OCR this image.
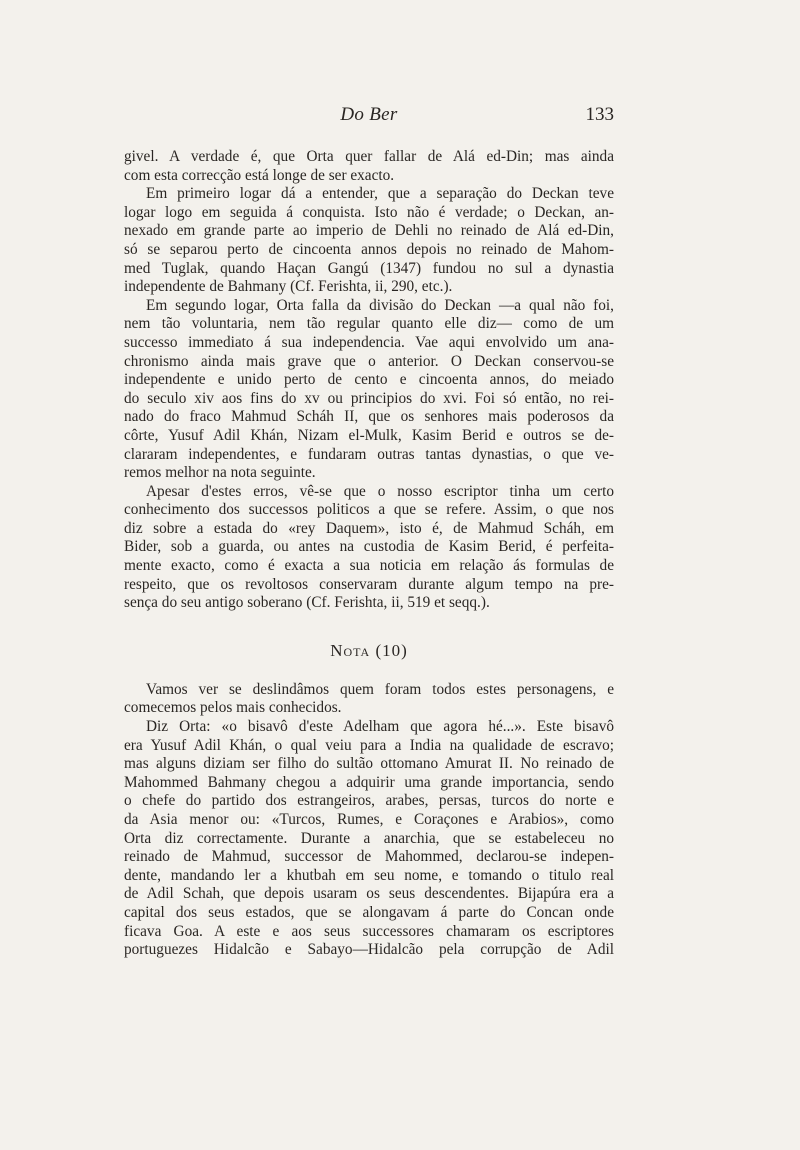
Do Ber	133
givel. A verdade é, que Orta quer fallar de Alá ed-Din; mas ainda
com esta correcção está longe de ser exacto.
Em primeiro logar dá a entender, que a separação do Deckan teve
logar logo em seguida á conquista. Isto não é verdade; o Deckan, an-
nexado em grande parte ao imperio de Dehli no reinado de Alá ed-Din,
só se separou perto de cincoenta annos depois no reinado de Mahom-
med Tuglak, quando Haçan Gangú (1347) fundou no sul a dynastia
independente de Bahmany (Cf. Ferishta, ii, 290, etc.).
Em segundo logar, Orta falla da divisão do Deckan —a qual não foi,
nem tão voluntaria, nem tão regular quanto elle diz— como de um
successo immediato á sua independencia. Vae aqui envolvido um ana-
chronismo ainda mais grave que o anterior. O Deckan conservou-se
independente e unido perto de cento e cincoenta annos, do meiado
do seculo xiv aos fins do xv ou principios do xvi. Foi só então, no rei-
nado do fraco Mahmud Scháh II, que os senhores mais poderosos da
côrte, Yusuf Adil Khán, Nizam el-Mulk, Kasim Berid e outros se de-
clararam independentes, e fundaram outras tantas dynastias, o que ve-
remos melhor na nota seguinte.
Apesar d'estes erros, vê-se que o nosso escriptor tinha um certo
conhecimento dos successos politicos a que se refere. Assim, o que nos
diz sobre a estada do «rey Daquem», isto é, de Mahmud Scháh, em
Bider, sob a guarda, ou antes na custodia de Kasim Berid, é perfeita-
mente exacto, como é exacta a sua noticia em relação ás formulas de
respeito, que os revoltosos conservaram durante algum tempo na pre-
sença do seu antigo soberano (Cf. Ferishta, ii, 519 et seqq.).
Nota (10)
Vamos ver se deslindâmos quem foram todos estes personagens, e
comecemos pelos mais conhecidos.
Diz Orta: «o bisavô d'este Adelham que agora hé...». Este bisavô
era Yusuf Adil Khán, o qual veiu para a India na qualidade de escravo;
mas alguns diziam ser filho do sultão ottomano Amurat II. No reinado de
Mahommed Bahmany chegou a adquirir uma grande importancia, sendo
o chefe do partido dos estrangeiros, arabes, persas, turcos do norte e
da Asia menor ou: «Turcos, Rumes, e Coraçones e Arabios», como
Orta diz correctamente. Durante a anarchia, que se estabeleceu no
reinado de Mahmud, successor de Mahommed, declarou-se indepen-
dente, mandando ler a khutbah em seu nome, e tomando o titulo real
de Adil Schah, que depois usaram os seus descendentes. Bijapúra era a
capital dos seus estados, que se alongavam á parte do Concan onde
ficava Goa. A este e aos seus successores chamaram os escriptores
portuguezes Hidalcão e Sabayo—Hidalcão pela corrupção de Adil
